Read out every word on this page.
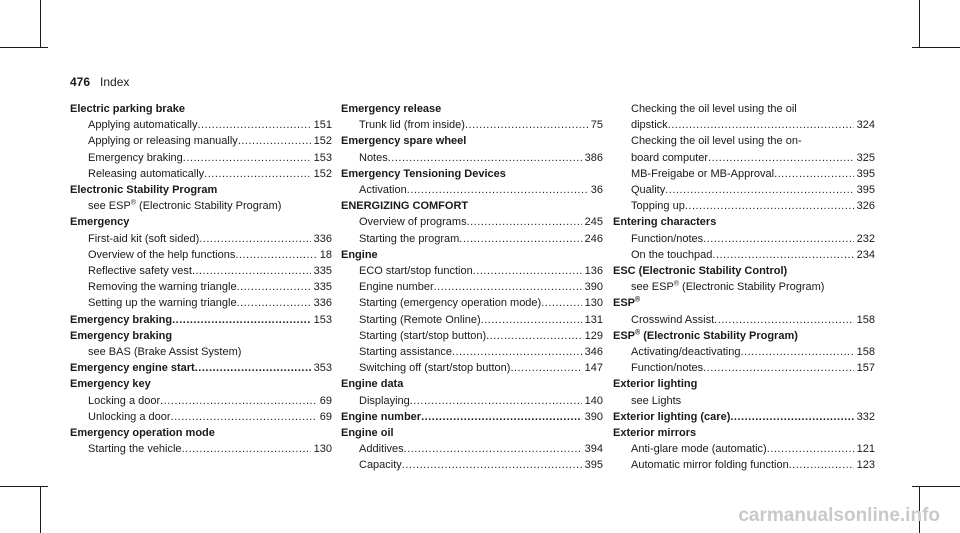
476 Index
Electric parking brake
Applying automatically .....	151
Applying or releasing manually .....	152
Emergency braking .....	153
Releasing automatically .....	152
Electronic Stability Program
see ESP® (Electronic Stability Program)
Emergency
First-aid kit (soft sided) .....	336
Overview of the help functions .....	18
Reflective safety vest .....	335
Removing the warning triangle .....	335
Setting up the warning triangle .....	336
Emergency braking .....	153
Emergency braking
see BAS (Brake Assist System)
Emergency engine start .....	353
Emergency key
Locking a door .....	69
Unlocking a door .....	69
Emergency operation mode
Starting the vehicle .....	130
Emergency release
Trunk lid (from inside) .....	75
Emergency spare wheel
Notes .....	386
Emergency Tensioning Devices
Activation .....	36
ENERGIZING COMFORT
Overview of programs .....	245
Starting the program .....	246
Engine
ECO start/stop function .....	136
Engine number .....	390
Starting (emergency operation mode) .....	130
Starting (Remote Online) .....	131
Starting (start/stop button) .....	129
Starting assistance .....	346
Switching off (start/stop button) .....	147
Engine data
Displaying .....	140
Engine number .....	390
Engine oil
Additives .....	394
Capacity .....	395
Checking the oil level using the oil
dipstick .....	324
Checking the oil level using the on-
board computer .....	325
MB-Freigabe or MB-Approval .....	395
Quality .....	395
Topping up .....	326
Entering characters
Function/notes .....	232
On the touchpad .....	234
ESC (Electronic Stability Control)
see ESP® (Electronic Stability Program)
ESP®
Crosswind Assist .....	158
ESP® (Electronic Stability Program)
Activating/deactivating .....	158
Function/notes .....	157
Exterior lighting
see Lights
Exterior lighting (care) .....	332
Exterior mirrors
Anti-glare mode (automatic) .....	121
Automatic mirror folding function .....	123
carmanualsonline.info
